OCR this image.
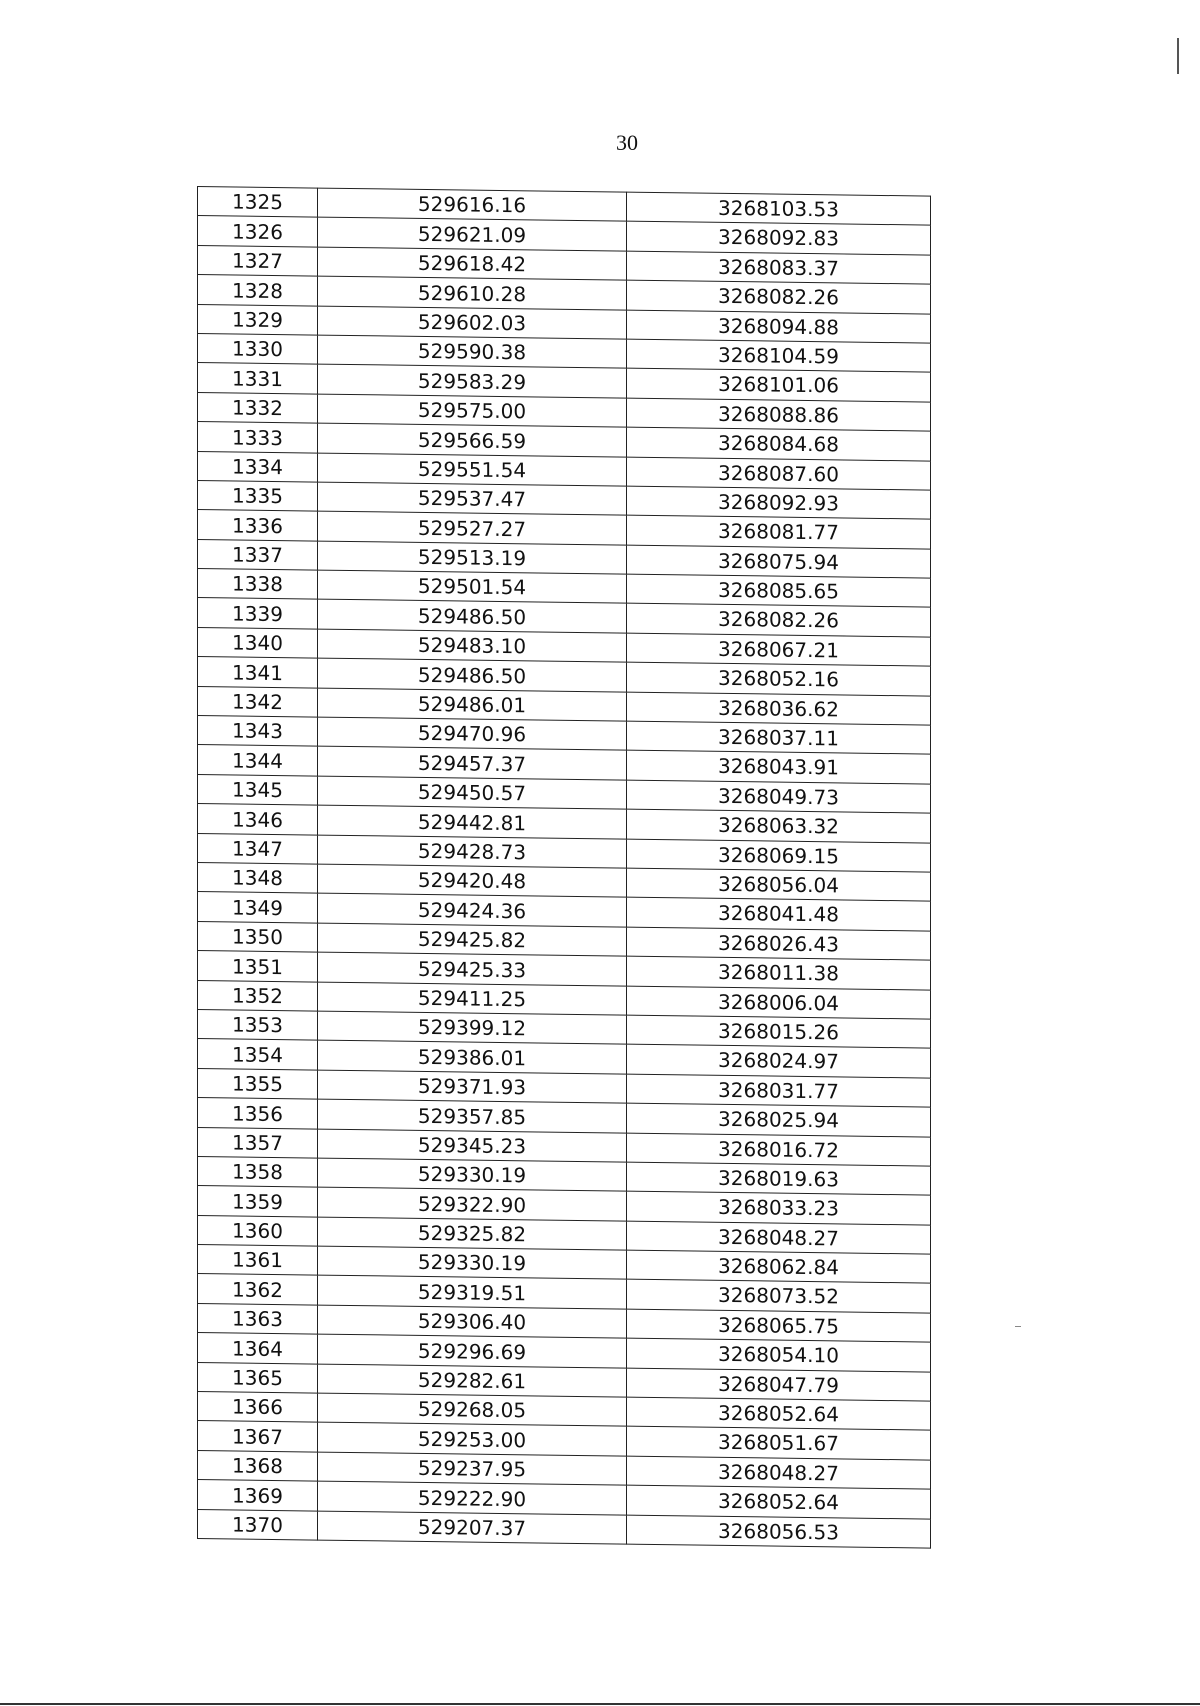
30
1325	529616.16	3268103.53
1326	529621.09	3268092.83
1327	529618.42	3268083.37
1328	529610.28	3268082.26
1329	529602.03	3268094.88
1330	529590.38	3268104.59
1331	529583.29	3268101.06
1332	529575.00	3268088.86
1333	529566.59	3268084.68
1334	529551.54	3268087.60
1335	529537.47	3268092.93
1336	529527.27	3268081.77
1337	529513.19	3268075.94
1338	529501.54	3268085.65
1339	529486.50	3268082.26
1340	529483.10	3268067.21
1341	529486.50	3268052.16
1342	529486.01	3268036.62
1343	529470.96	3268037.11
1344	529457.37	3268043.91
1345	529450.57	3268049.73
1346	529442.81	3268063.32
1347	529428.73	3268069.15
1348	529420.48	3268056.04
1349	529424.36	3268041.48
1350	529425.82	3268026.43
1351	529425.33	3268011.38
1352	529411.25	3268006.04
1353	529399.12	3268015.26
1354	529386.01	3268024.97
1355	529371.93	3268031.77
1356	529357.85	3268025.94
1357	529345.23	3268016.72
1358	529330.19	3268019.63
1359	529322.90	3268033.23
1360	529325.82	3268048.27
1361	529330.19	3268062.84
1362	529319.51	3268073.52
1363	529306.40	3268065.75
1364	529296.69	3268054.10
1365	529282.61	3268047.79
1366	529268.05	3268052.64
1367	529253.00	3268051.67
1368	529237.95	3268048.27
1369	529222.90	3268052.64
1370	529207.37	3268056.53
